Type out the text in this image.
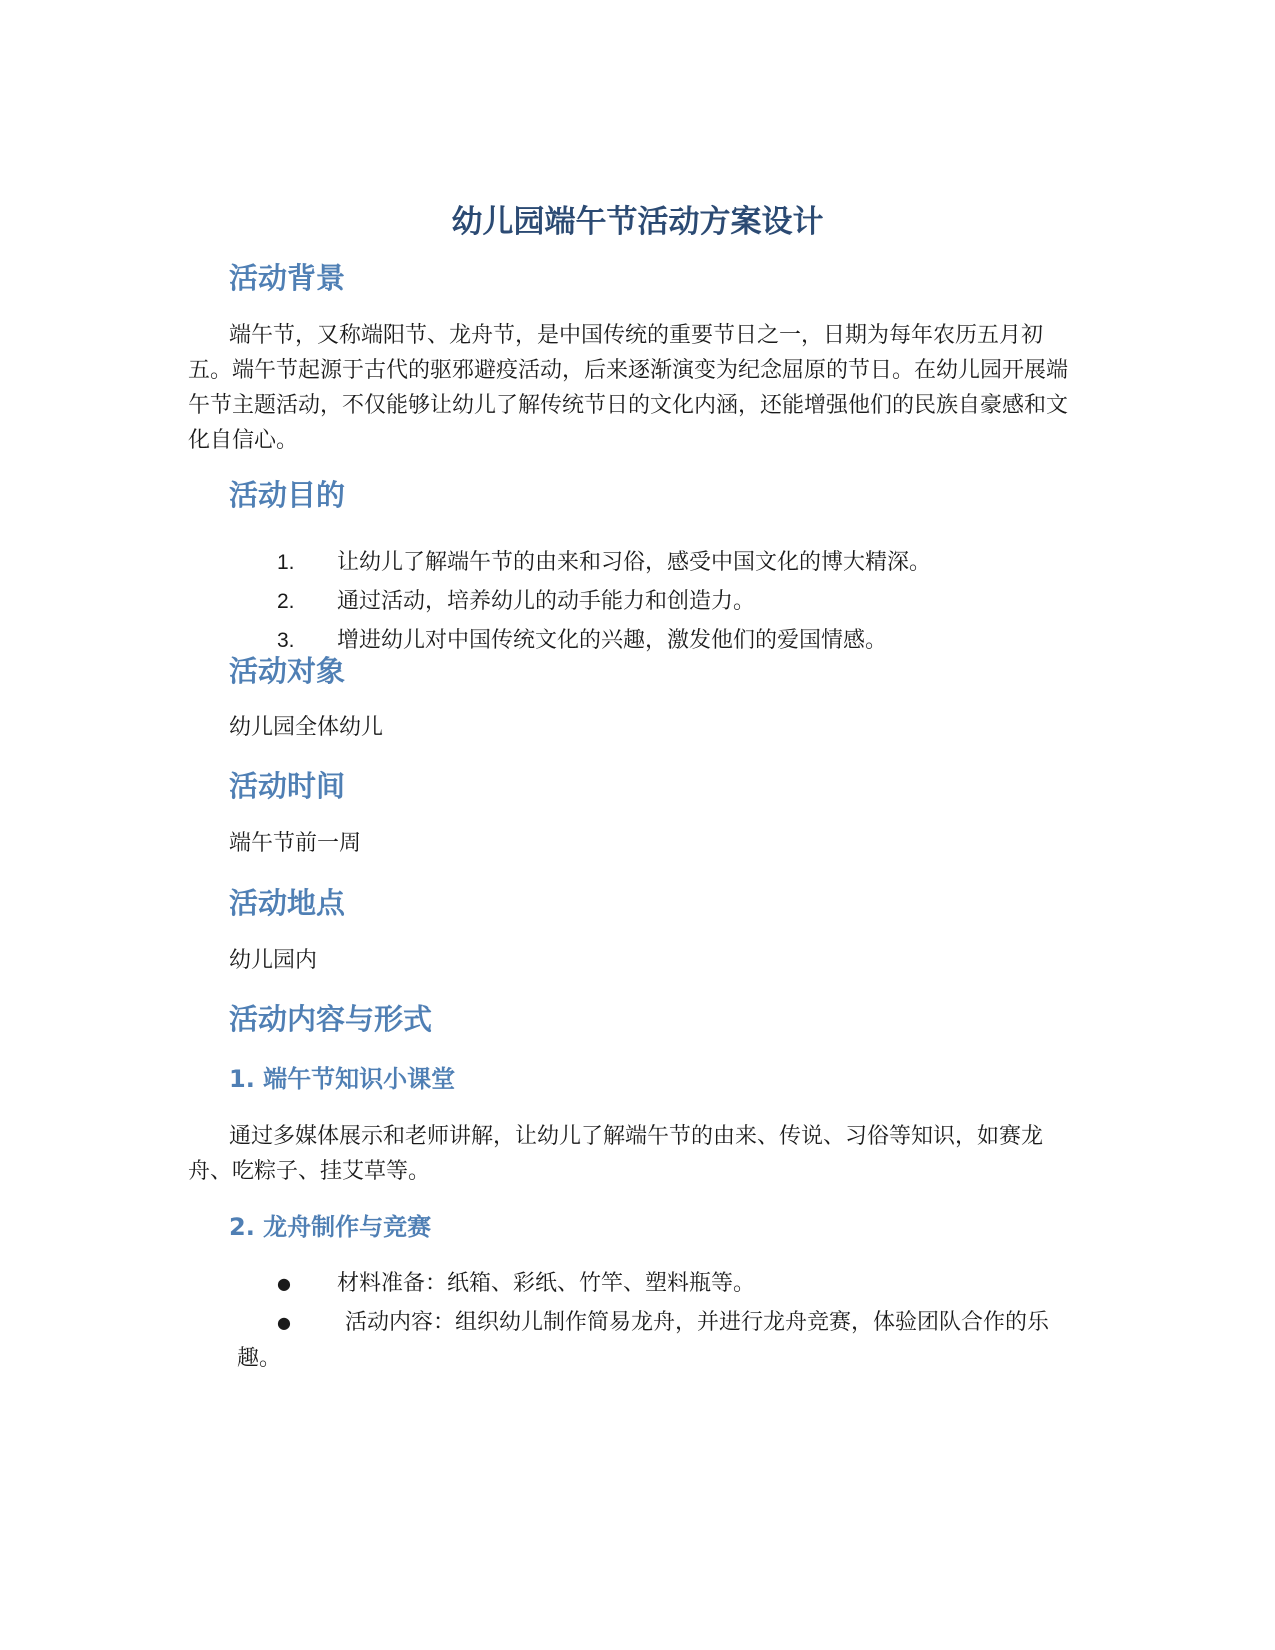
幼儿园端午节活动方案设计
活动背景

端午节，又称端阳节、龙舟节，是中国传统的重要节日之一，日期为每年农历五月初五。端午节起源于古代的驱邪避疫活动，后来逐渐演变为纪念屈原的节日。在幼儿园开展端午节主题活动，不仅能够让幼儿了解传统节日的文化内涵，还能增强他们的民族自豪感和文化自信心。

活动目的
1. 让幼儿了解端午节的由来和习俗，感受中国文化的博大精深。
2. 通过活动，培养幼儿的动手能力和创造力。
3. 增进幼儿对中国传统文化的兴趣，激发他们的爱国情感。
活动对象

幼儿园全体幼儿

活动时间

端午节前一周

活动地点

幼儿园内

活动内容与形式
1. 端午节知识小课堂

通过多媒体展示和老师讲解，让幼儿了解端午节的由来、传说、习俗等知识，如赛龙舟、吃粽子、挂艾草等。

2. 龙舟制作与竞赛
●	材料准备：纸箱、彩纸、竹竿、塑料瓶等。
●	活动内容：组织幼儿制作简易龙舟，并进行龙舟竞赛，体验团队合作的乐趣。
